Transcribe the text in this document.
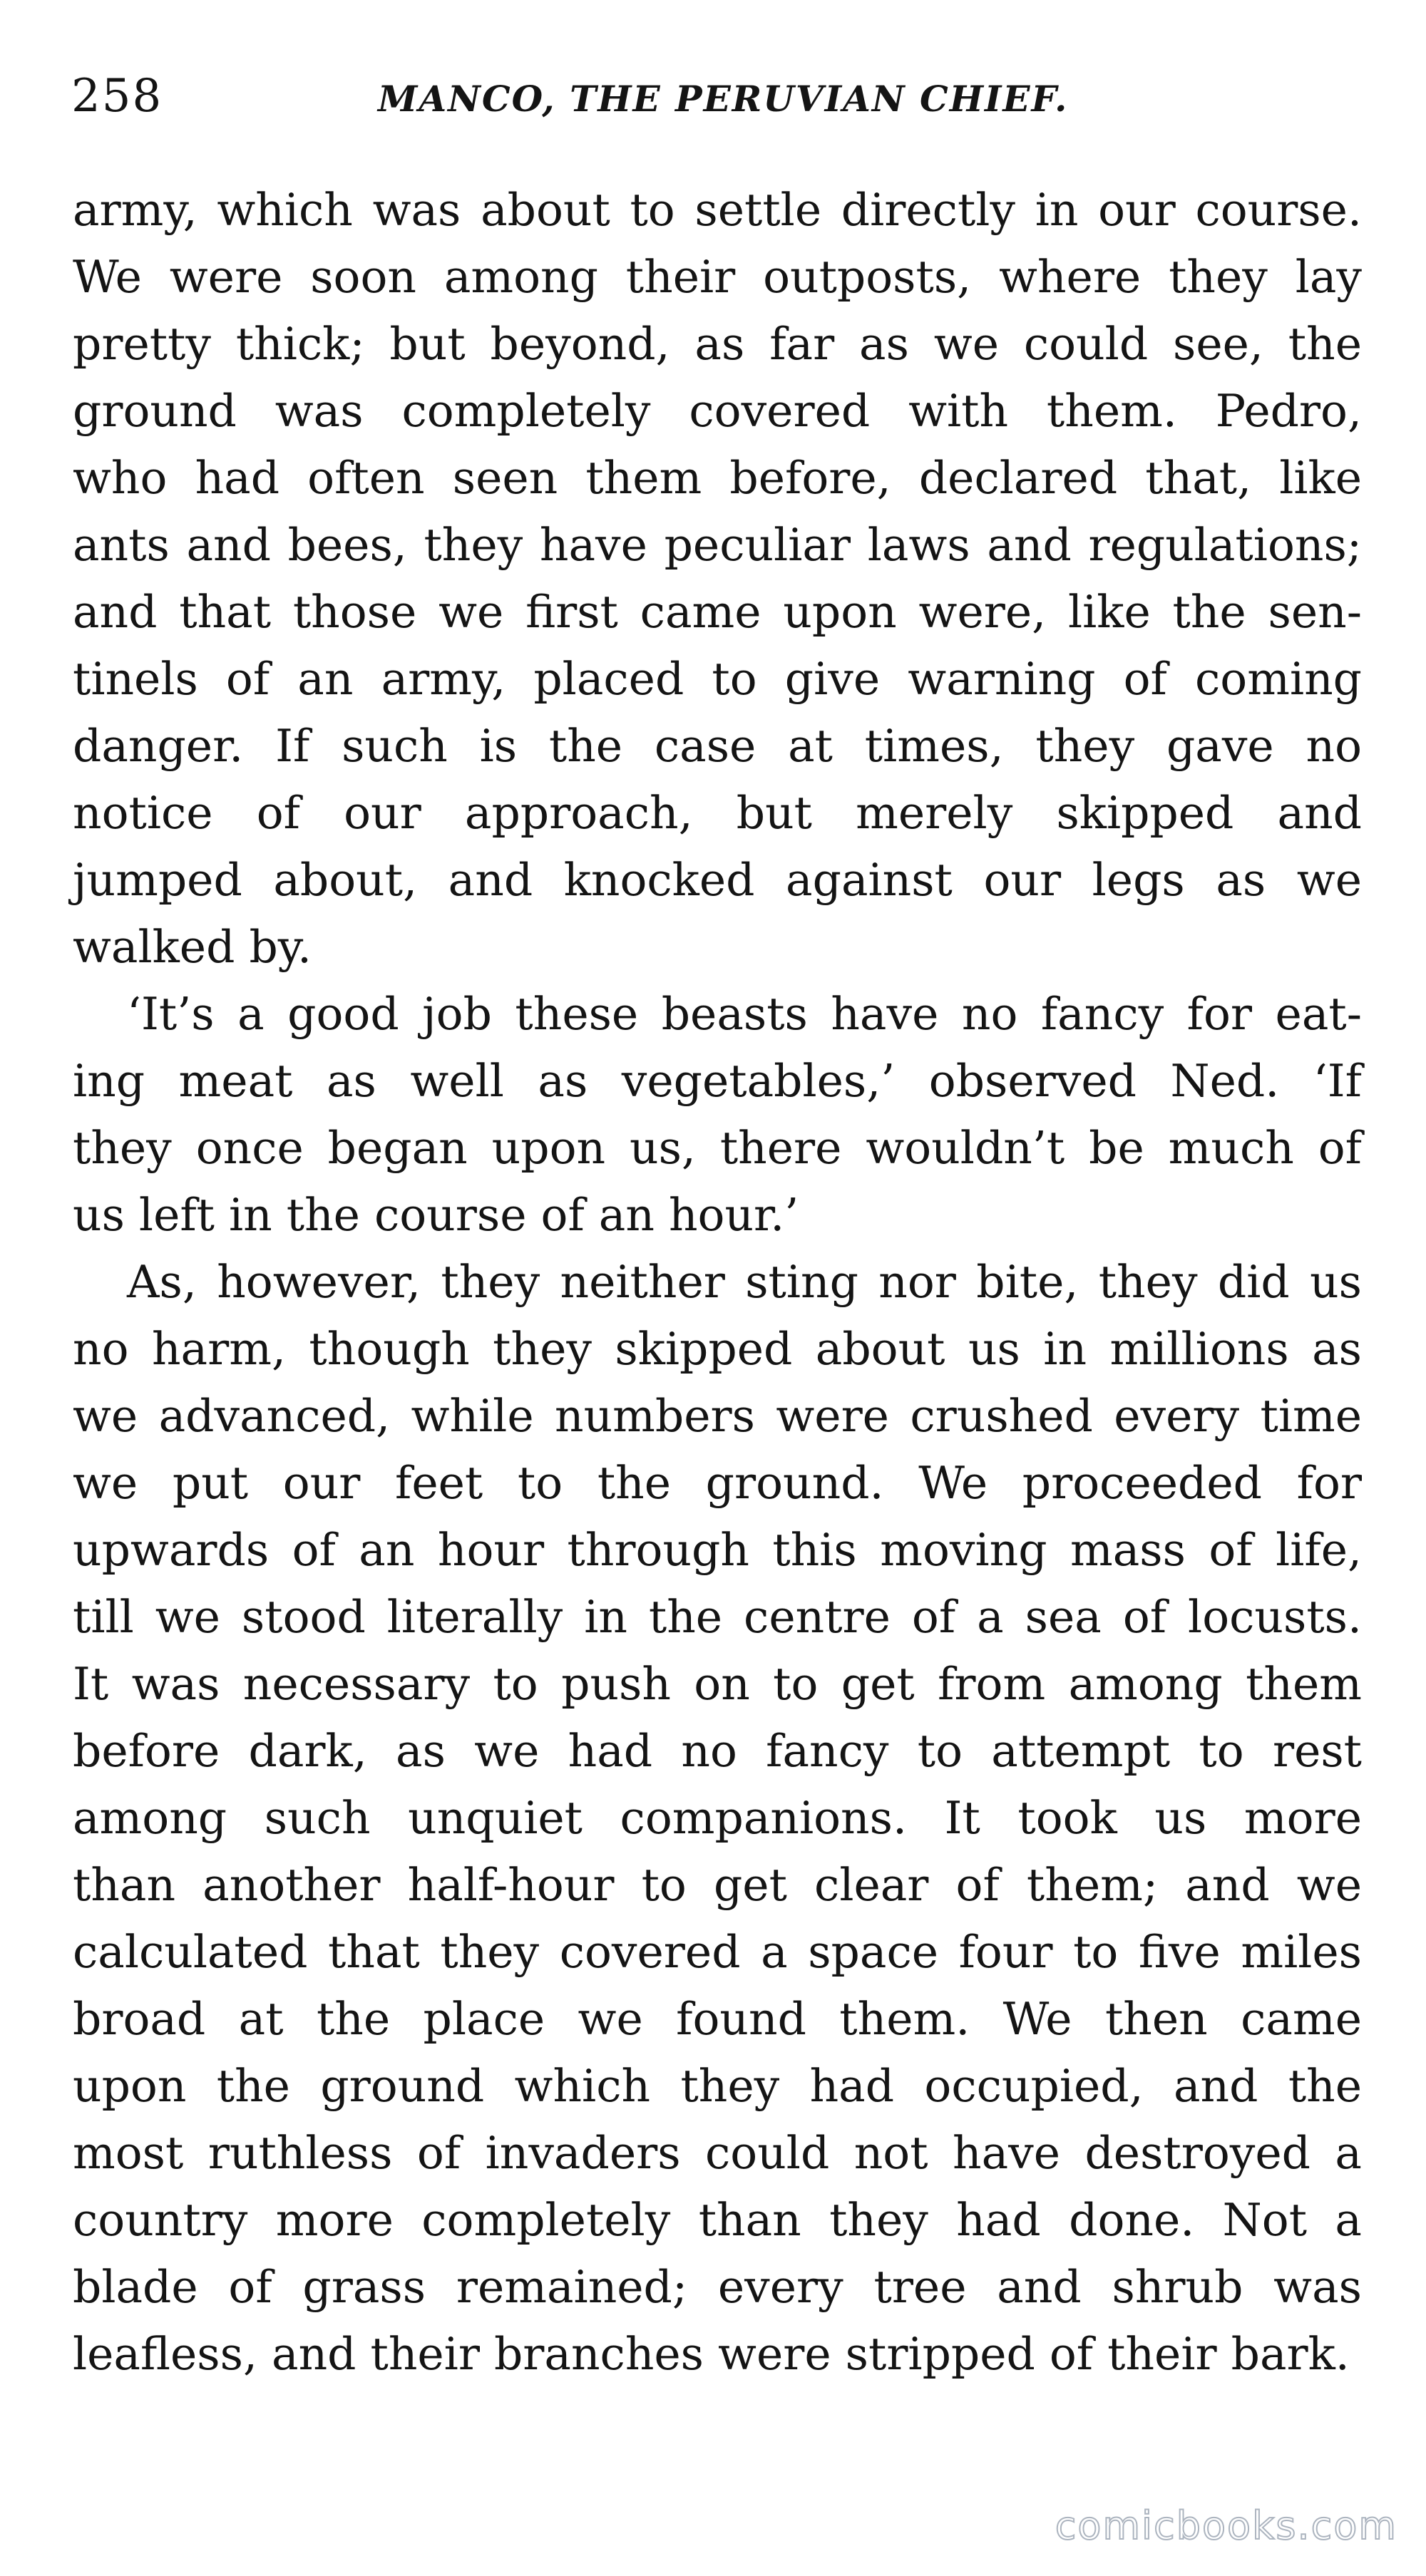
258	MANCO, THE PERUVIAN CHIEF.
army, which was about to settle directly in our course.
We were soon among their outposts, where they lay
pretty thick; but beyond, as far as we could see, the
ground was completely covered with them. Pedro,
who had often seen them before, declared that, like
ants and bees, they have peculiar laws and regulations;
and that those we first came upon were, like the sen-
tinels of an army, placed to give warning of coming
danger. If such is the case at times, they gave no
notice of our approach, but merely skipped and
jumped about, and knocked against our legs as we
walked by.
‘It’s a good job these beasts have no fancy for eat-
ing meat as well as vegetables,’ observed Ned. ‘If
they once began upon us, there wouldn’t be much of
us left in the course of an hour.’
As, however, they neither sting nor bite, they did us
no harm, though they skipped about us in millions as
we advanced, while numbers were crushed every time
we put our feet to the ground. We proceeded for
upwards of an hour through this moving mass of life,
till we stood literally in the centre of a sea of locusts.
It was necessary to push on to get from among them
before dark, as we had no fancy to attempt to rest
among such unquiet companions. It took us more
than another half-hour to get clear of them; and we
calculated that they covered a space four to five miles
broad at the place we found them. We then came
upon the ground which they had occupied, and the
most ruthless of invaders could not have destroyed a
country more completely than they had done. Not a
blade of grass remained; every tree and shrub was
leafless, and their branches were stripped of their bark.
comicbooks.com
